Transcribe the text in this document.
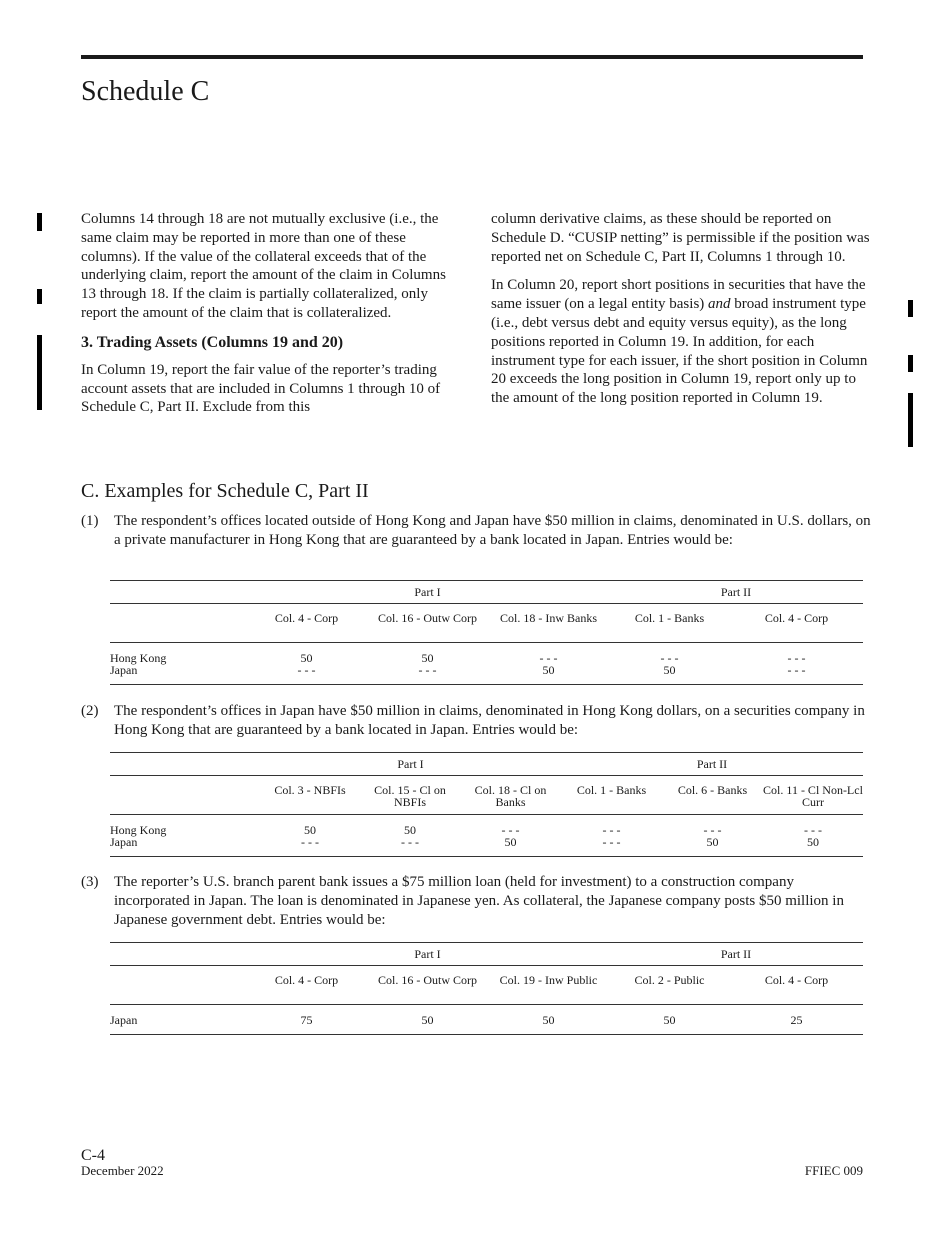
Schedule C

Columns 14 through 18 are not mutually exclusive (i.e., the same claim may be reported in more than one of these columns). If the value of the collateral exceeds that of the underlying claim, report the amount of the claim in Columns 13 through 18. If the claim is partially collateralized, only report the amount of the claim that is collateralized.

3. Trading Assets (Columns 19 and 20)

In Column 19, report the fair value of the reporter’s trading account assets that are included in Columns 1 through 10 of Schedule C, Part II. Exclude from this

column derivative claims, as these should be reported on Schedule D. “CUSIP netting” is permissible if the position was reported net on Schedule C, Part II, Columns 1 through 10.

In Column 20, report short positions in securities that have the same issuer (on a legal entity basis) and broad instrument type (i.e., debt versus debt and equity versus equity), as the long positions reported in Column 19. In addition, for each instrument type for each issuer, if the short position in Column 20 exceeds the long position in Column 19, report only up to the amount of the long position reported in Column 19.

C. Examples for Schedule C, Part II
(1) The respondent’s offices located outside of Hong Kong and Japan have $50 million in claims, denominated in U.S. dollars, on a private manufacturer in Hong Kong that are guaranteed by a bank located in Japan. Entries would be:
	Part I			Part II	
	Col. 4 - Corp	Col. 16 - Outw Corp	Col. 18 - Inw Banks	Col. 1 - Banks	Col. 4 - Corp
Hong Kong	50	50	- - -	- - -	- - -
Japan	- - -	- - -	50	50	- - -
(2) The respondent’s offices in Japan have $50 million in claims, denominated in Hong Kong dollars, on a securities company in Hong Kong that are guaranteed by a bank located in Japan. Entries would be:
	Part I			Part II		
	Col. 3 - NBFIs	Col. 15 - Cl on NBFIs	Col. 18 - Cl on Banks	Col. 1 - Banks	Col. 6 - Banks	Col. 11 - Cl Non-Lcl Curr
Hong Kong	50	50	- - -	- - -	- - -	- - -
Japan	- - -	- - -	50	- - -	50	50
(3) The reporter’s U.S. branch parent bank issues a $75 million loan (held for investment) to a construction company incorporated in Japan. The loan is denominated in Japanese yen. As collateral, the Japanese company posts $50 million in Japanese government debt. Entries would be:
	Part I			Part II	
	Col. 4 - Corp	Col. 16 - Outw Corp	Col. 19 - Inw Public	Col. 2 - Public	Col. 4 - Corp
Japan	75	50	50	50	25
C-4
December 2022	FFIEC 009
